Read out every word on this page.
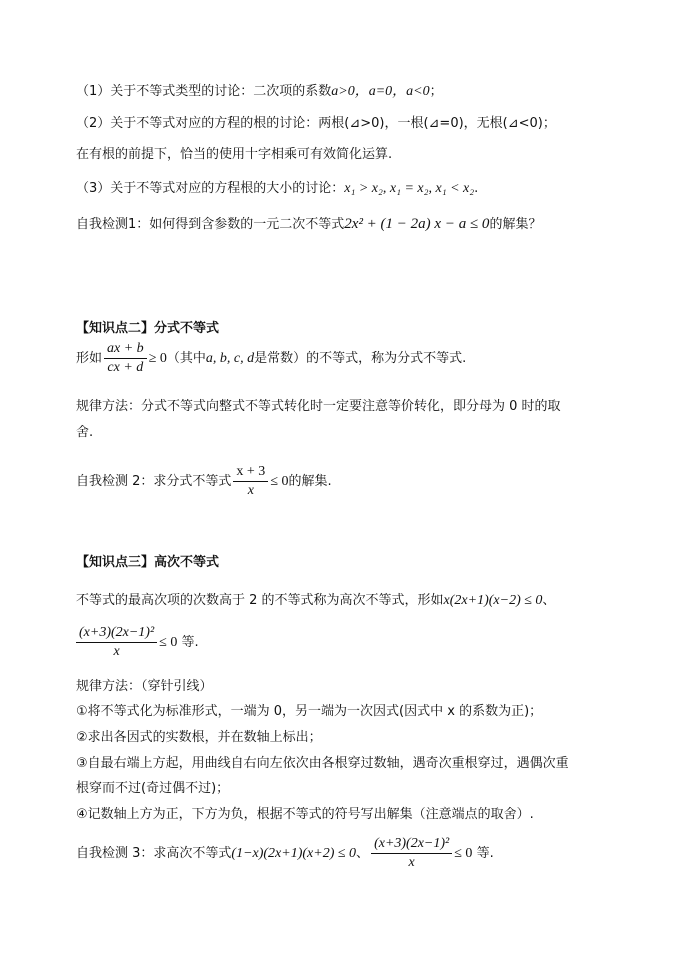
（1）关于不等式类型的讨论：二次项的系数a>0，a=0，a<0；
（2）关于不等式对应的方程的根的讨论：两根(⊿>0)，一根(⊿=0)，无根(⊿<0)；
在有根的前提下，恰当的使用十字相乘可有效简化运算.
（3）关于不等式对应的方程根的大小的讨论：x₁ > x₂, x₁ = x₂, x₁ < x₂.
自我检测1：如何得到含参数的一元二次不等式2x² + (1 − 2a) x − a ≤ 0的解集？
【知识点二】分式不等式
形如 $\frac{ax + b}{cx + d} \ge 0$（其中a, b, c, d是常数）的不等式，称为分式不等式.
规律方法：分式不等式向整式不等式转化时一定要注意等价转化，即分母为 0 时的取
舍.
自我检测 2：求分式不等式 $\frac{x + 3}{x} \le 0$的解集.
【知识点三】高次不等式
不等式的最高次项的次数高于 2 的不等式称为高次不等式，形如x(2x+1)(x−2) ≤ 0、
$\frac{\text{(x+3)(2x−1)²}}{x} \le 0$ 等.
规律方法：（穿针引线）
①将不等式化为标准形式，一端为 0，另一端为一次因式(因式中 x 的系数为正)；
②求出各因式的实数根，并在数轴上标出；
③自最右端上方起，用曲线自右向左依次由各根穿过数轴，遇奇次重根穿过，遇偶次重
根穿而不过(奇过偶不过)；
④记数轴上方为正，下方为负，根据不等式的符号写出解集（注意端点的取舍）.
自我检测 3：求高次不等式(1−x)(2x+1)(x+2) ≤ 0、 $\frac{\text{(x+3)(2x−1)²}}{x} \le 0$ 等.
